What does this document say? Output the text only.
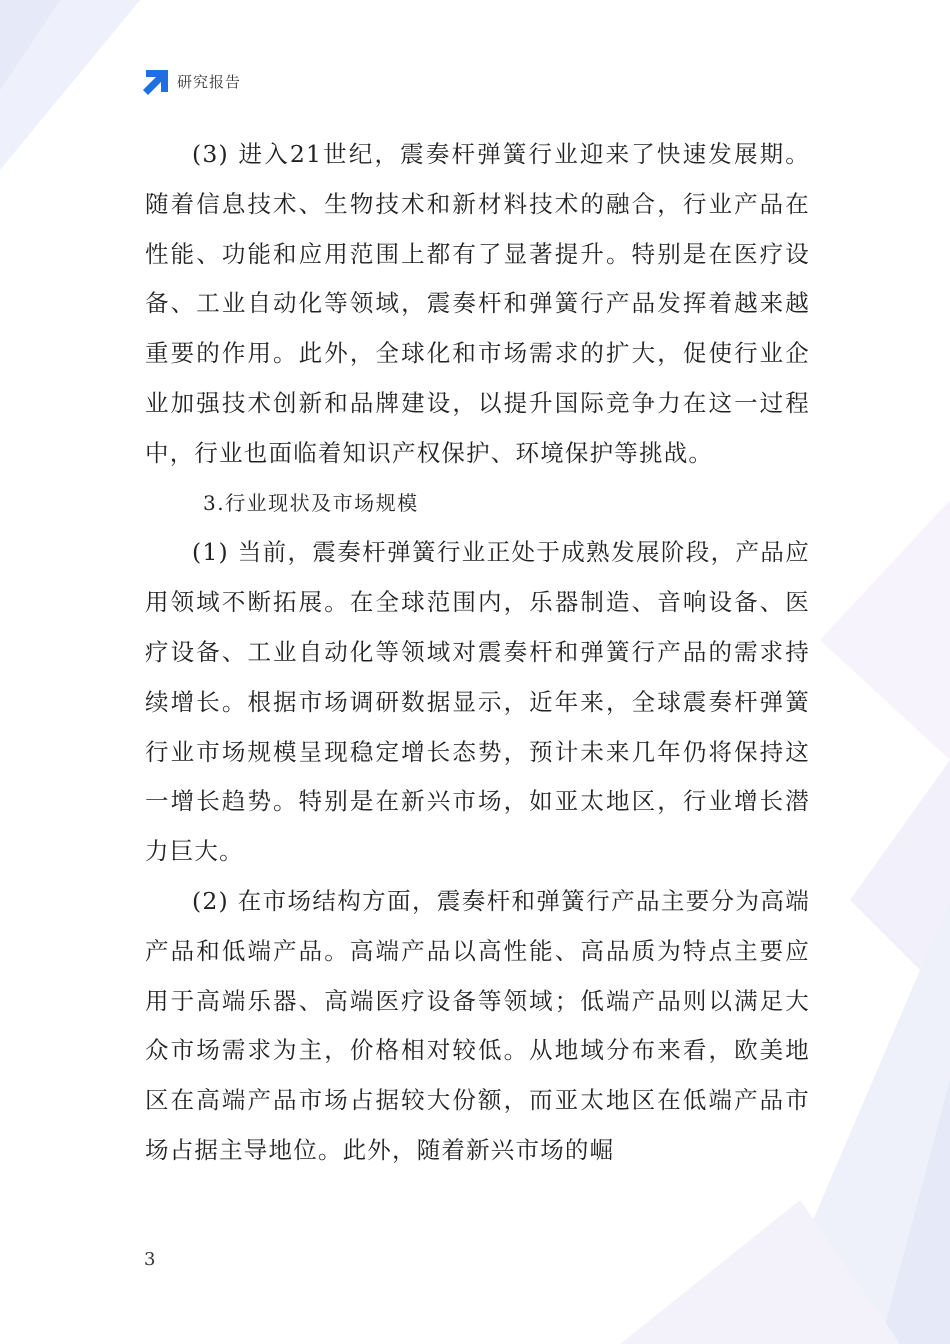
研究报告

(3) 进入21世纪，震奏杆弹簧行业迎来了快速发展期。随着信息技术、生物技术和新材料技术的融合，行业产品在性能、功能和应用范围上都有了显著提升。特别是在医疗设备、工业自动化等领域，震奏杆和弹簧行产品发挥着越来越重要的作用。此外，全球化和市场需求的扩大，促使行业企业加强技术创新和品牌建设，以提升国际竞争力在这一过程中，行业也面临着知识产权保护、环境保护等挑战。

3.行业现状及市场规模

(1) 当前，震奏杆弹簧行业正处于成熟发展阶段，产品应用领域不断拓展。在全球范围内，乐器制造、音响设备、医疗设备、工业自动化等领域对震奏杆和弹簧行产品的需求持续增长。根据市场调研数据显示，近年来，全球震奏杆弹簧行业市场规模呈现稳定增长态势，预计未来几年仍将保持这一增长趋势。特别是在新兴市场，如亚太地区，行业增长潜力巨大。

(2) 在市场结构方面，震奏杆和弹簧行产品主要分为高端产品和低端产品。高端产品以高性能、高品质为特点主要应用于高端乐器、高端医疗设备等领域；低端产品则以满足大众市场需求为主，价格相对较低。从地域分布来看，欧美地区在高端产品市场占据较大份额，而亚太地区在低端产品市场占据主导地位。此外，随着新兴市场的崛

3
